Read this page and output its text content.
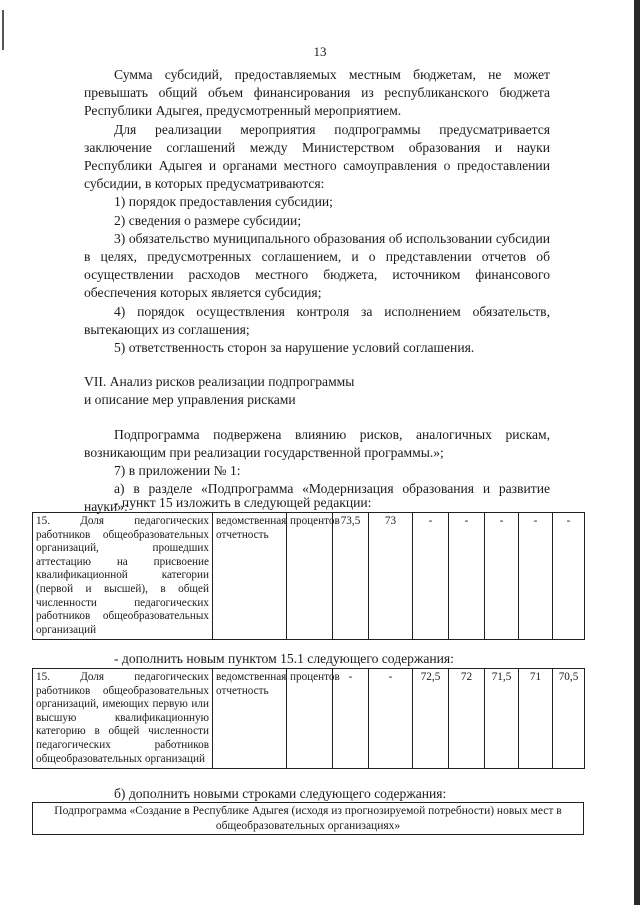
13

Сумма субсидий, предоставляемых местным бюджетам, не может превышать общий объем финансирования из республиканского бюджета Республики Адыгея, предусмотренный мероприятием.

Для реализации мероприятия подпрограммы предусматривается заключение соглашений между Министерством образования и науки Республики Адыгея и органами местного самоуправления о предоставлении субсидии, в которых предусматриваются:

1) порядок предоставления субсидии;

2) сведения о размере субсидии;

3) обязательство муниципального образования об использовании субсидии в целях, предусмотренных соглашением, и о представлении отчетов об осуществлении расходов местного бюджета, источником финансового обеспечения которых является субсидия;

4) порядок осуществления контроля за исполнением обязательств, вытекающих из соглашения;

5) ответственность сторон за нарушение условий соглашения.

VII. Анализ рисков реализации подпрограммы

и описание мер управления рисками

Подпрограмма подвержена влиянию рисков, аналогичных рискам, возникающим при реализации государственной программы.»;

7) в приложении № 1:

а) в разделе «Подпрограмма «Модернизация образования и развитие науки»:

- пункт 15 изложить в следующей редакции:
15. Доля педагогических работников общеобразовательных организаций, прошедших аттестацию на присвоение квалификационной категории (первой и высшей), в общей численности педагогических работников общеобразовательных организаций	ведомственная отчетность	процентов	73,5	73	-	-	-	-	-
- дополнить новым пунктом 15.1 следующего содержания:
15. Доля педагогических работников общеобразовательных организаций, имеющих первую или высшую квалификационную категорию в общей численности педагогических работников общеобразовательных организаций	ведомственная отчетность	процентов	-	-	72,5	72	71,5	71	70,5
б) дополнить новыми строками следующего содержания:
Подпрограмма «Создание в Республике Адыгея (исходя из прогнозируемой потребности) новых мест в общеобразовательных организациях»
